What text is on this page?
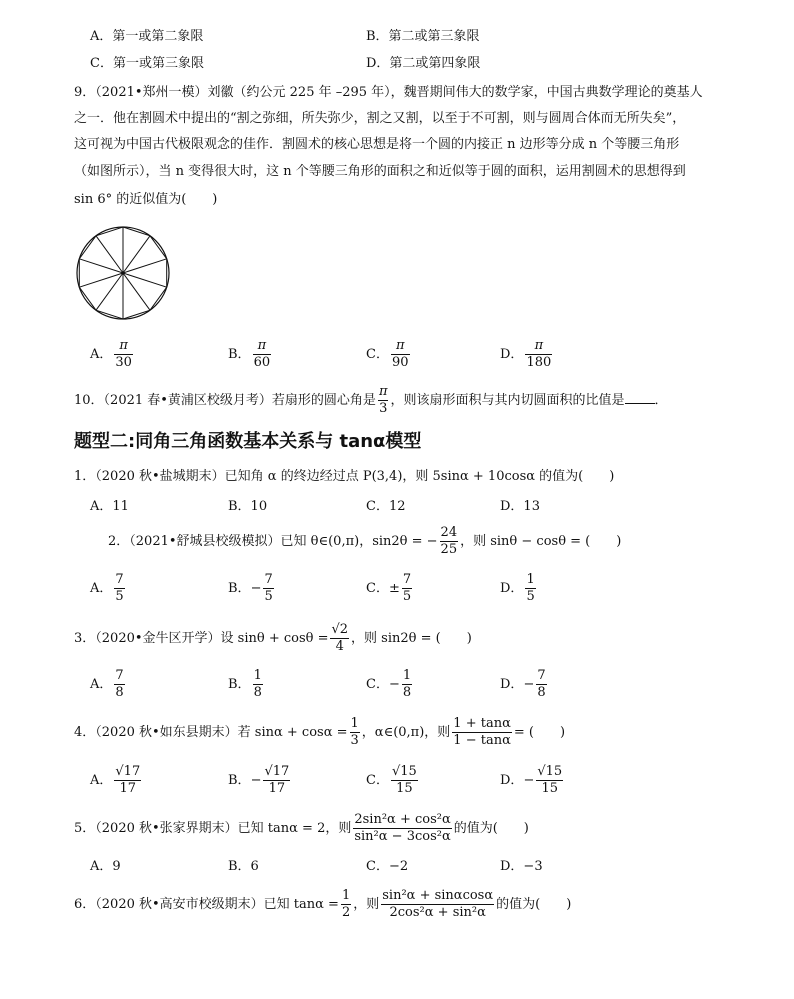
A．第一或第二象限	B．第二或第三象限
C．第一或第三象限	D．第二或第四象限
9．（2021•郑州一模）刘徽（约公元 225 年 –295 年），魏晋期间伟大的数学家，中国古典数学理论的奠基人
之一．他在割圆术中提出的“割之弥细，所失弥少，割之又割，以至于不可割，则与圆周合体而无所失矣”，
这可视为中国古代极限观念的佳作．割圆术的核心思想是将一个圆的内接正 n 边形等分成 n 个等腰三角形
（如图所示），当 n 变得很大时，这 n 个等腰三角形的面积之和近似等于圆的面积，运用割圆术的思想得到
sin 6° 的近似值为(　　)
A． $\frac{\pi}{30}$	B． $\frac{\pi}{60}$	C． $\frac{\pi}{90}$	D． $\frac{\pi}{180}$
10．（2021 春•黄浦区校级月考）若扇形的圆心角是 $\frac{\pi}{3}$ ，则该扇形面积与其内切圆面积的比值是 ．
题型二:同角三角函数基本关系与 tanα模型
1．（2020 秋•盐城期末）已知角 α 的终边经过点 P(3,4)，则 5sinα + 10cosα 的值为(　　)
A．11	B．10	C．12	D．13
2．（2021•舒城县校级模拟）已知 θ∈(0,π)，sin2θ = − $\frac{24}{25}$ ，则 sinθ − cosθ = (　　)
A． $\frac{7}{5}$	B．− $\frac{7}{5}$	C．± $\frac{7}{5}$	D． $\frac{1}{5}$
3．（2020•金牛区开学）设 $\sin\theta + \cos\theta = \frac{√2}{4}$ ，则 sin2θ = (　　)
A． $\frac{7}{8}$	B． $\frac{1}{8}$	C．− $\frac{1}{8}$	D．− $\frac{7}{8}$
4．（2020 秋•如东县期末）若 $\sin\alpha + \cos\alpha = \frac{1}{3}$ ，α∈(0,π)，则 $\frac{1 + \tan\alpha}{1 - \tan\alpha}$ = (　　)
A． $\frac{√17}{17}$	B．− $\frac{√17}{17}$	C． $\frac{√15}{15}$	D．− $\frac{√15}{15}$
5．（2020 秋•张家界期末）已知 tanα = 2，则 $\frac{\text{2sin²α + cos²α}}{\text{sin²α − 3cos²α}}$ 的值为(　　)
A．9	B．6	C．−2	D．−3
6．（2020 秋•高安市校级期末）已知 $\tan\alpha = \frac{1}{2}$ ，则 $\frac{\text{sin²α + sinαcosα}}{\text{2cos²α + sin²α}}$ 的值为(　　)
